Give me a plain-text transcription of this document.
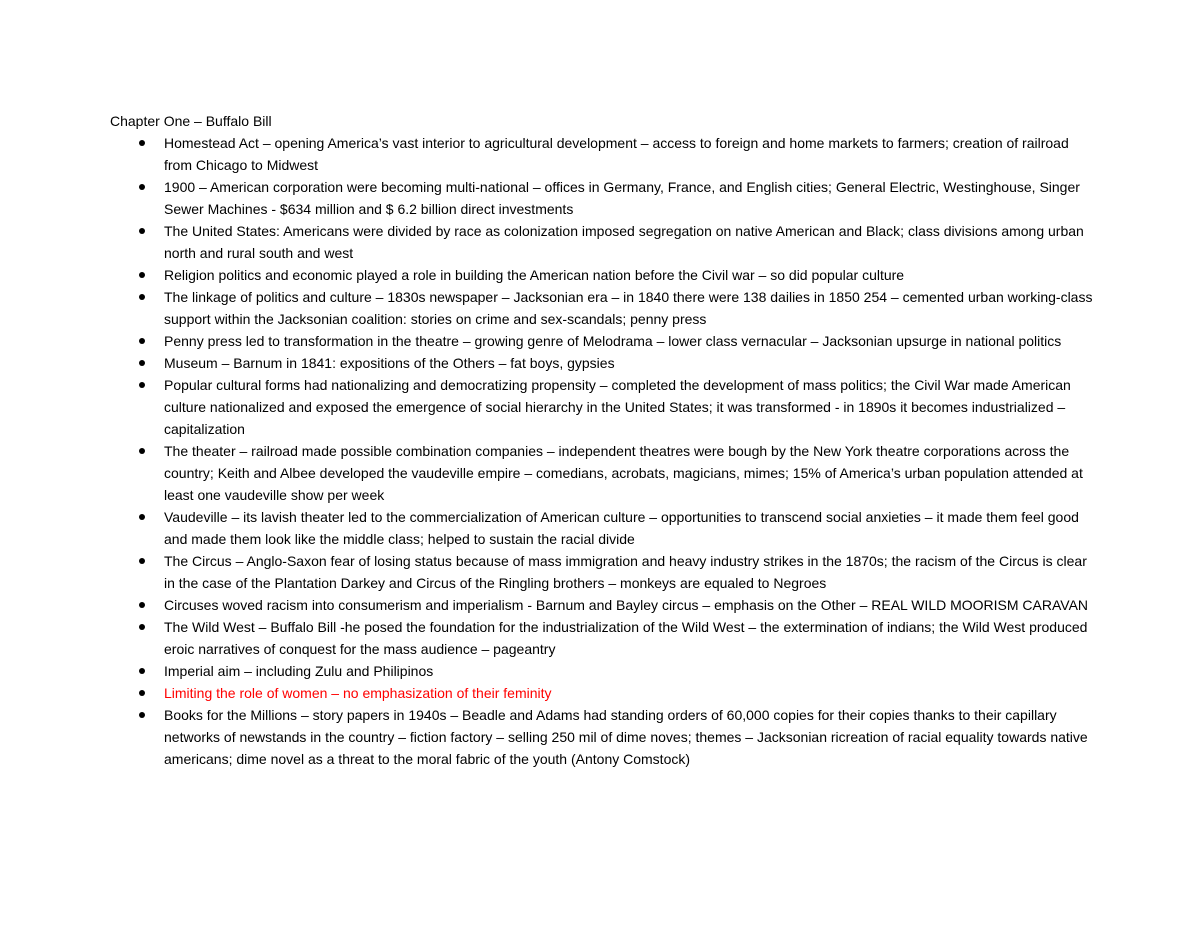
Chapter One – Buffalo Bill

Homestead Act – opening America’s vast interior to agricultural development – access to foreign and home markets to farmers; creation of railroad from Chicago to Midwest
1900 – American corporation were becoming multi-national – offices in Germany, France, and English cities; General Electric, Westinghouse, Singer Sewer Machines - $634 million and $ 6.2 billion direct investments
The United States: Americans were divided by race as colonization imposed segregation on native American and Black; class divisions among urban north and rural south and west
Religion politics and economic played a role in building the American nation before the Civil war – so did popular culture
The linkage of politics and culture – 1830s newspaper – Jacksonian era – in 1840 there were 138 dailies in 1850 254 – cemented urban working-class support within the Jacksonian coalition: stories on crime and sex-scandals; penny press
Penny press led to transformation in the theatre – growing genre of Melodrama – lower class vernacular – Jacksonian upsurge in national politics
Museum – Barnum in 1841: expositions of the Others – fat boys, gypsies
Popular cultural forms had nationalizing and democratizing propensity – completed the development of mass politics; the Civil War made American culture nationalized and exposed the emergence of social hierarchy in the United States; it was transformed - in 1890s it becomes industrialized – capitalization
The theater – railroad made possible combination companies – independent theatres were bough by the New York theatre corporations across the country; Keith and Albee developed the vaudeville empire – comedians, acrobats, magicians, mimes; 15% of America’s urban population attended at least one vaudeville show per week
Vaudeville – its lavish theater led to the commercialization of American culture – opportunities to transcend social anxieties – it made them feel good and made them look like the middle class; helped to sustain the racial divide
The Circus – Anglo-Saxon fear of losing status because of mass immigration and heavy industry strikes in the 1870s; the racism of the Circus is clear in the case of the Plantation Darkey and Circus of the Ringling brothers – monkeys are equaled to Negroes
Circuses woved racism into consumerism and imperialism - Barnum and Bayley circus – emphasis on the Other – REAL WILD MOORISM CARAVAN
The Wild West – Buffalo Bill -he posed the foundation for the industrialization of the Wild West – the extermination of indians; the Wild West produced eroic narratives of conquest for the mass audience – pageantry
Imperial aim – including Zulu and Philipinos
Limiting the role of women – no emphasization of their feminity
Books for the Millions – story papers in 1940s – Beadle and Adams had standing orders of 60,000 copies for their copies thanks to their capillary networks of newstands in the country – fiction factory – selling 250 mil of dime noves; themes – Jacksonian ricreation of racial equality towards native americans; dime novel as a threat to the moral fabric of the youth (Antony Comstock)
